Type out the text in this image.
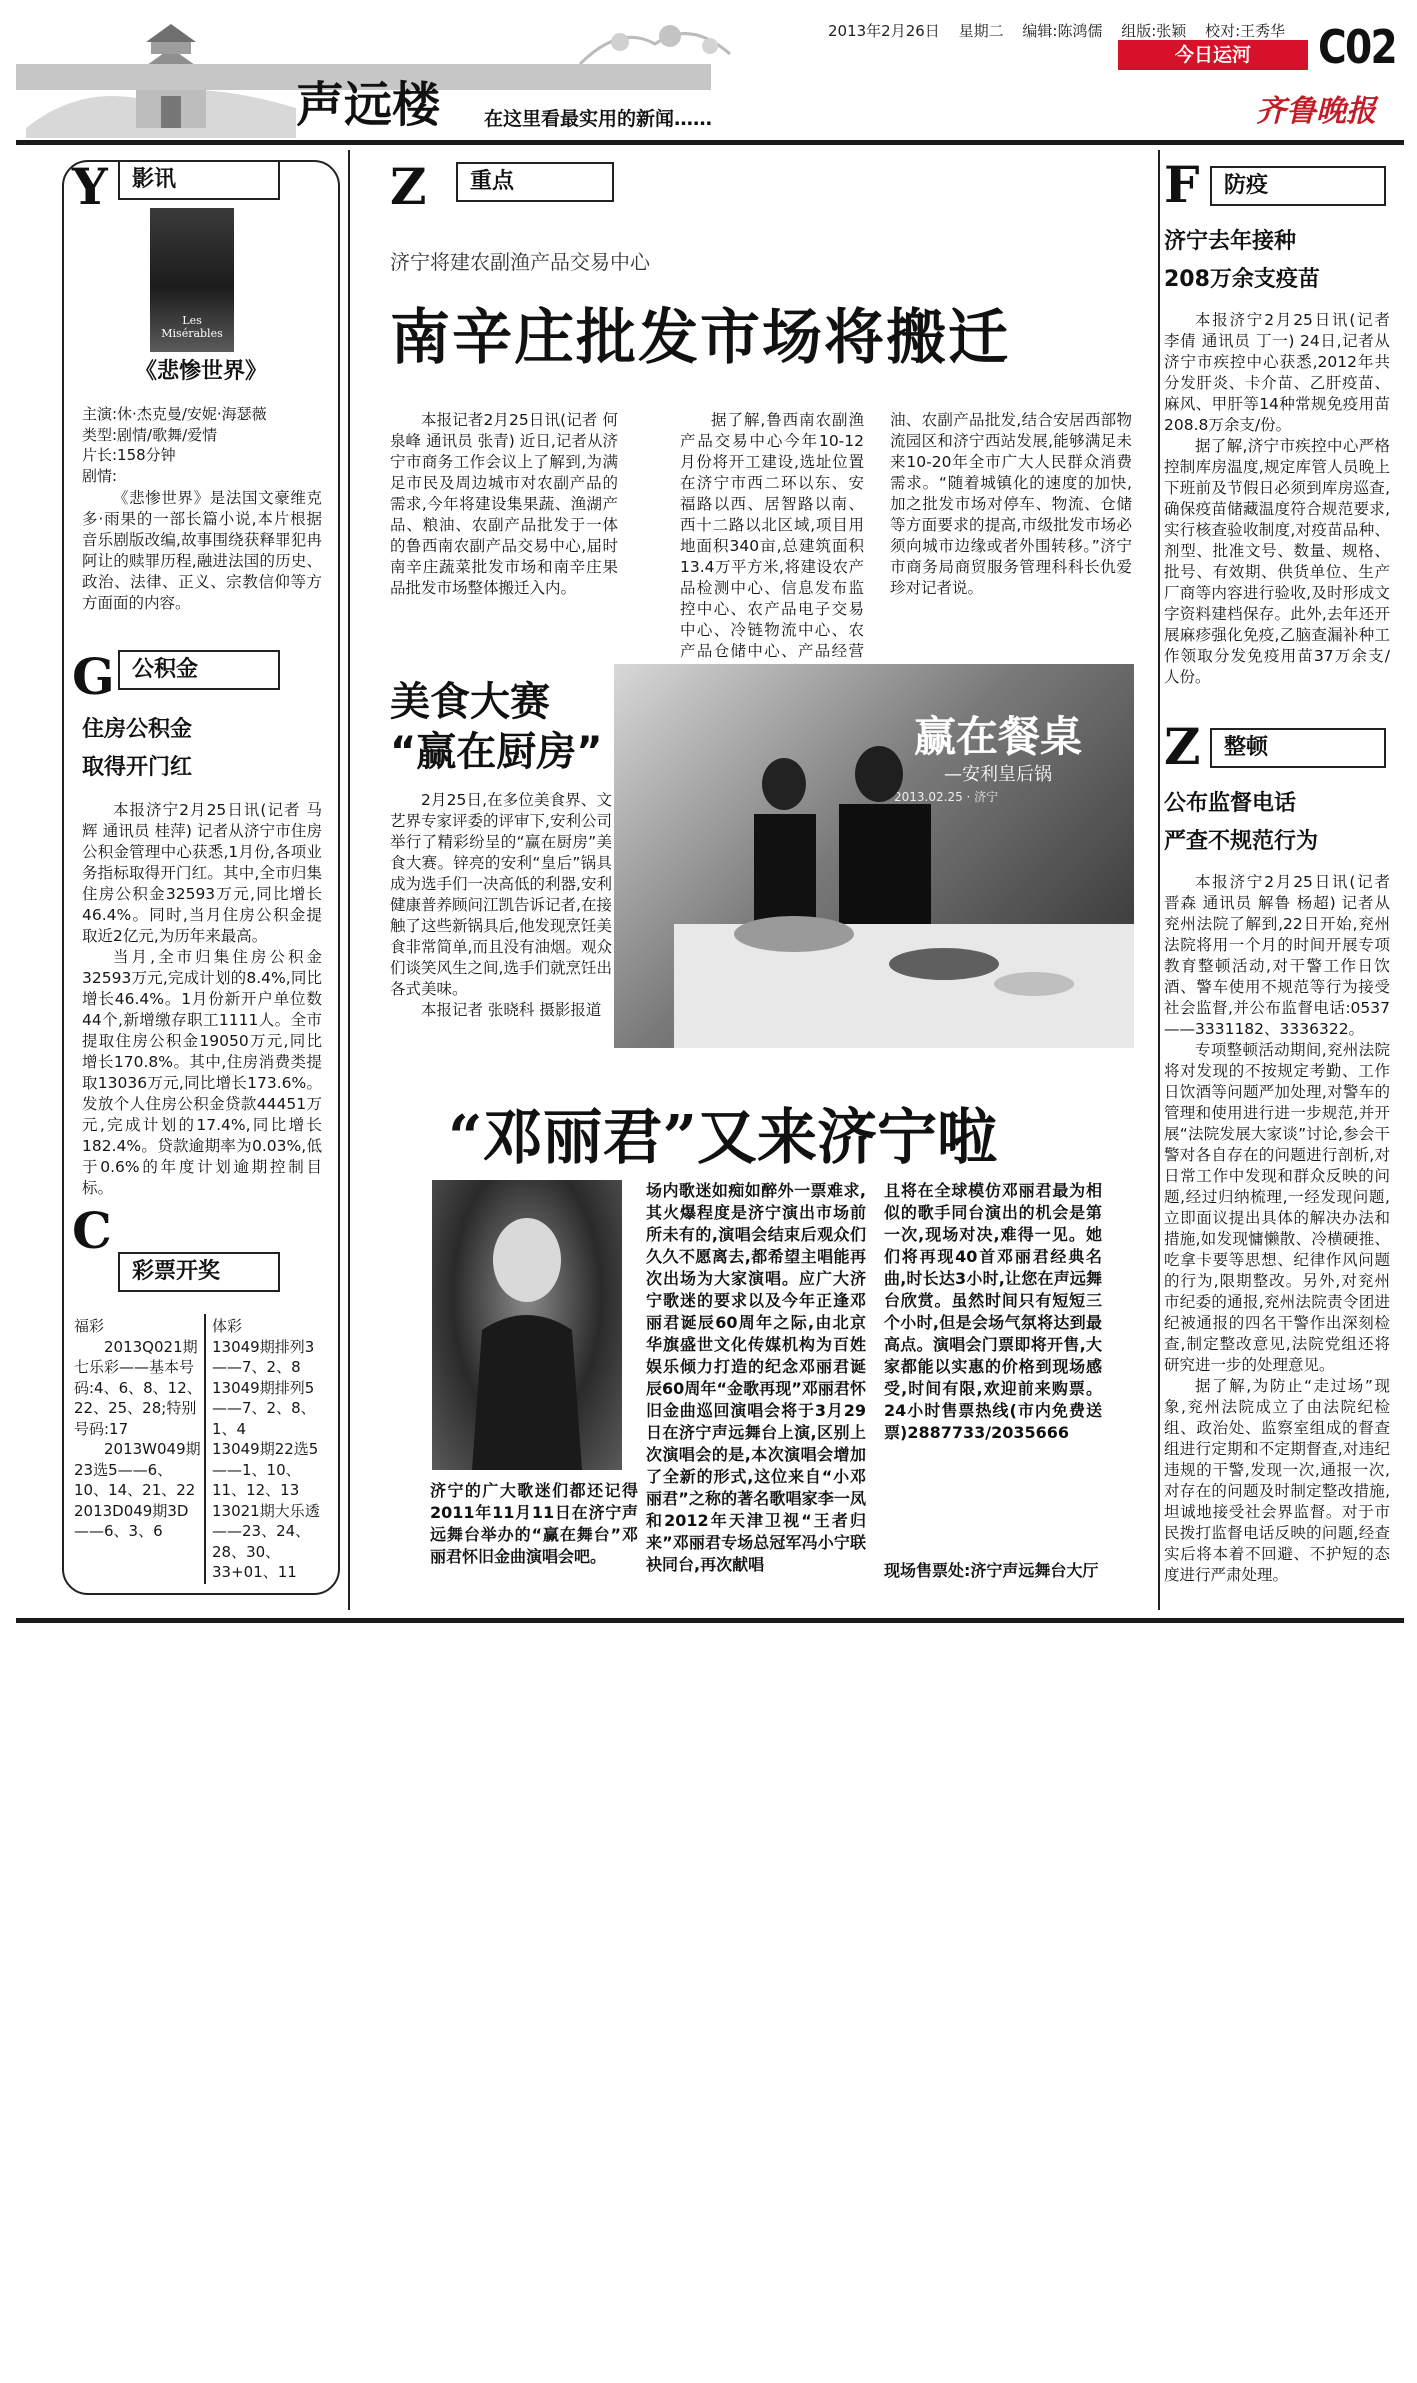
2013年2月26日 星期二 编辑:陈鸿儒 组版:张颖 校对:王秀华 C02
今日运河
齐鲁晚报
声远楼 在这里看最实用的新闻……
Y	影讯
Les Misérables
《悲惨世界》
主演:休·杰克曼/安妮·海瑟薇
类型:剧情/歌舞/爱情
片长:158分钟
剧情:

《悲惨世界》是法国文豪维克多·雨果的一部长篇小说,本片根据音乐剧版改编,故事围绕获释罪犯冉阿让的赎罪历程,融进法国的历史、政治、法律、正义、宗教信仰等方方面面的内容。

G 公积金
住房公积金
取得开门红

本报济宁2月25日讯(记者 马辉 通讯员 桂萍) 记者从济宁市住房公积金管理中心获悉,1月份,各项业务指标取得开门红。其中,全市归集住房公积金32593万元,同比增长46.4%。同时,当月住房公积金提取近2亿元,为历年来最高。

当月,全市归集住房公积金32593万元,完成计划的8.4%,同比增长46.4%。1月份新开户单位数44个,新增缴存职工1111人。全市提取住房公积金19050万元,同比增长170.8%。其中,住房消费类提取13036万元,同比增长173.6%。发放个人住房公积金贷款44451万元,完成计划的17.4%,同比增长182.4%。贷款逾期率为0.03%,低于0.6%的年度计划逾期控制目标。

C
彩票开奖
福彩
2013Q021期七乐彩——基本号码:4、6、8、12、22、25、28;特别号码:17
2013W049期23选5——6、10、14、21、22
2013D049期3D——6、3、6
体彩
13049期排列3——7、2、8
13049期排列5——7、2、8、1、4
13049期22选5——1、10、11、12、13
13021期大乐透——23、24、28、30、33+01、11
Z	重点
济宁将建农副渔产品交易中心
南辛庄批发市场将搬迁

本报记者2月25日讯(记者 何泉峰 通讯员 张青) 近日,记者从济宁市商务工作会议上了解到,为满足市民及周边城市对农副产品的需求,今年将建设集果蔬、渔湖产品、粮油、农副产品批发于一体的鲁西南农副产品交易中心,届时南辛庄蔬菜批发市场和南辛庄果品批发市场整体搬迁入内。

据了解,鲁西南农副渔产品交易中心今年10-12月份将开工建设,选址位置在济宁市西二环以东、安福路以西、居智路以南、西十二路以北区域,项目用地面积340亩,总建筑面积13.4万平方米,将建设农产品检测中心、信息发布监控中心、农产品电子交易中心、冷链物流中心、农产品仓储中心、产品经营

油、农副产品批发,结合安居西部物流园区和济宁西站发展,能够满足未来10-20年全市广大人民群众消费需求。“随着城镇化的速度的加快,加之批发市场对停车、物流、仓储等方面要求的提高,市级批发市场必须向城市边缘或者外围转移。”济宁市商务局商贸服务管理科科长仇爱珍对记者说。

美食大赛
“赢在厨房”

2月25日,在多位美食界、文艺界专家评委的评审下,安利公司举行了精彩纷呈的“赢在厨房”美食大赛。锌亮的安利“皇后”锅具成为选手们一决高低的利器,安利健康普养顾问江凯告诉记者,在接触了这些新锅具后,他发现烹饪美食非常简单,而且没有油烟。观众们谈笑风生之间,选手们就烹饪出各式美味。

本报记者 张晓科 摄影报道

赢在餐桌
—安利皇后锅
2013.02.25 · 济宁
“邓丽君”又来济宁啦
济宁的广大歌迷们都还记得2011年11月11日在济宁声远舞台举办的“赢在舞台”邓丽君怀旧金曲演唱会吧。
场内歌迷如痴如醉外一票难求,其火爆程度是济宁演出市场前所未有的,演唱会结束后观众们久久不愿离去,都希望主唱能再次出场为大家演唱。应广大济宁歌迷的要求以及今年正逢邓丽君诞辰60周年之际,由北京华旗盛世文化传媒机构为百姓娱乐倾力打造的纪念邓丽君诞辰60周年“金歌再现”邓丽君怀旧金曲巡回演唱会将于3月29日在济宁声远舞台上演,区别上次演唱会的是,本次演唱会增加了全新的形式,这位来自“小邓丽君”之称的著名歌唱家李一凤和2012年天津卫视“王者归来”邓丽君专场总冠军冯小宁联袂同台,再次献唱
且将在全球模仿邓丽君最为相似的歌手同台演出的机会是第一次,现场对决,难得一见。她们将再现40首邓丽君经典名曲,时长达3小时,让您在声远舞台欣赏。虽然时间只有短短三个小时,但是会场气氛将达到最高点。演唱会门票即将开售,大家都能以实惠的价格到现场感受,时间有限,欢迎前来购票。24小时售票热线(市内免费送票)2887733/2035666
现场售票处:济宁声远舞台大厅
F	防疫
济宁去年接种
208万余支疫苗

本报济宁2月25日讯(记者 李倩 通讯员 丁一) 24日,记者从济宁市疾控中心获悉,2012年共分发肝炎、卡介苗、乙肝疫苗、麻风、甲肝等14种常规免疫用苗208.8万余支/份。

据了解,济宁市疾控中心严格控制库房温度,规定库管人员晚上下班前及节假日必须到库房巡查,确保疫苗储藏温度符合规范要求,实行核查验收制度,对疫苗品种、剂型、批准文号、数量、规格、批号、有效期、供货单位、生产厂商等内容进行验收,及时形成文字资料建档保存。此外,去年还开展麻疹强化免疫,乙脑查漏补种工作领取分发免疫用苗37万余支/人份。

Z	整顿
公布监督电话
严查不规范行为

本报济宁2月25日讯(记者 晋森 通讯员 解鲁 杨超) 记者从兖州法院了解到,22日开始,兖州法院将用一个月的时间开展专项教育整顿活动,对干警工作日饮酒、警车使用不规范等行为接受社会监督,并公布监督电话:0537——3331182、3336322。

专项整顿活动期间,兖州法院将对发现的不按规定考勤、工作日饮酒等问题严加处理,对警车的管理和使用进行进一步规范,并开展“法院发展大家谈”讨论,参会干警对各自存在的问题进行剖析,对日常工作中发现和群众反映的问题,经过归纳梳理,一经发现问题,立即面议提出具体的解决办法和措施,如发现慵懒散、冷横硬推、吃拿卡要等思想、纪律作风问题的行为,限期整改。另外,对兖州市纪委的通报,兖州法院责令团进纪被通报的四名干警作出深刻检查,制定整改意见,法院党组还将研究进一步的处理意见。

据了解,为防止“走过场”现象,兖州法院成立了由法院纪检组、政治处、监察室组成的督查组进行定期和不定期督查,对违纪违规的干警,发现一次,通报一次,对存在的问题及时制定整改措施,坦诚地接受社会界监督。对于市民拨打监督电话反映的问题,经查实后将本着不回避、不护短的态度进行严肃处理。
